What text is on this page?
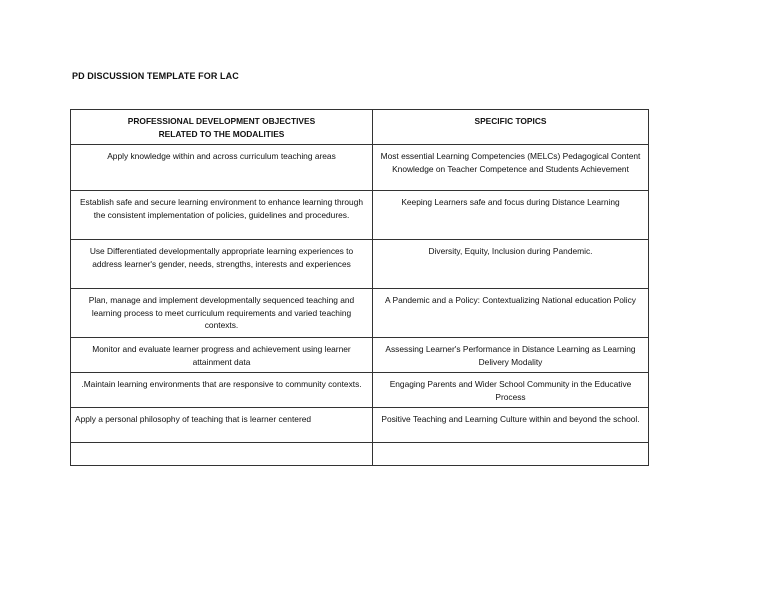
PD DISCUSSION TEMPLATE FOR LAC
PROFESSIONAL DEVELOPMENT OBJECTIVES
RELATED TO THE MODALITIES	SPECIFIC TOPICS
Apply knowledge within and across curriculum teaching areas	Most essential Learning Competencies (MELCs) Pedagogical Content Knowledge on Teacher Competence and Students Achievement
Establish safe and secure learning environment to enhance learning through the consistent implementation of policies, guidelines and procedures.	Keeping Learners safe and focus during Distance Learning
Use Differentiated developmentally appropriate learning experiences to address learner's gender, needs, strengths, interests and experiences	Diversity, Equity, Inclusion during Pandemic.
Plan, manage and implement developmentally sequenced teaching and learning process to meet curriculum requirements and varied teaching contexts.	A Pandemic and a Policy: Contextualizing National education Policy
Monitor and evaluate learner progress and achievement using learner attainment data	Assessing Learner's Performance in Distance Learning as Learning Delivery Modality
.Maintain learning environments that are responsive to community contexts.	Engaging Parents and Wider School Community in the Educative Process
Apply a personal philosophy of teaching that is learner centered	Positive Teaching and Learning Culture within and beyond the school.
